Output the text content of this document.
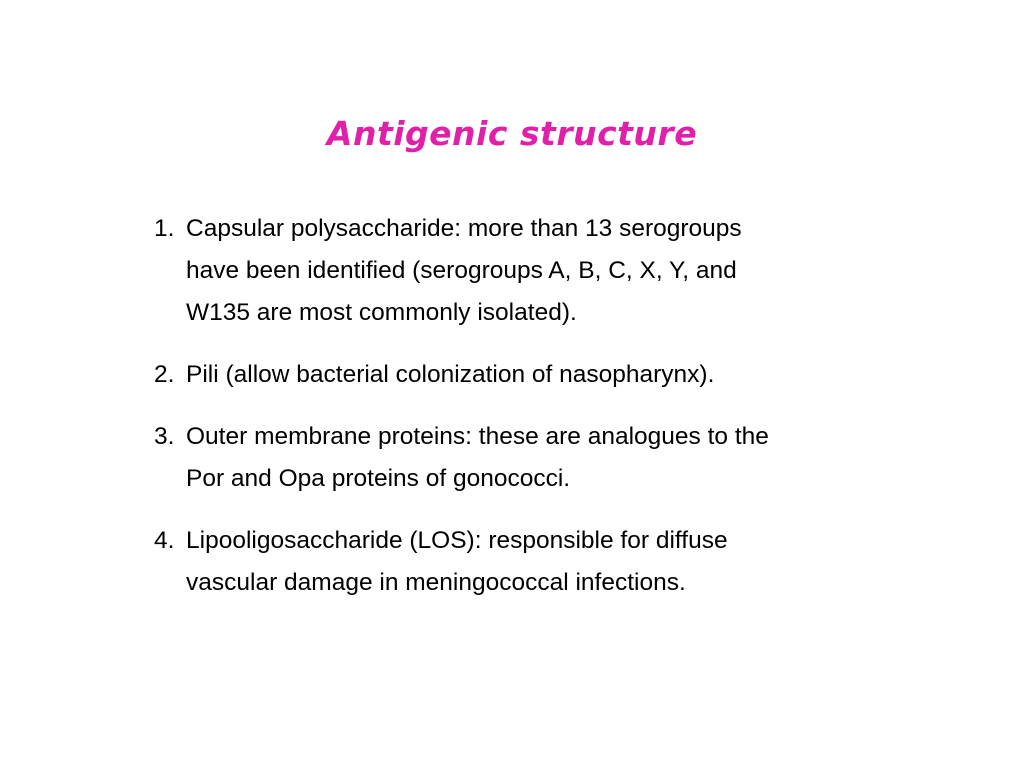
Antigenic structure
1. Capsular polysaccharide: more than 13 serogroups
have been identified (serogroups A, B, C, X, Y, and
W135 are most commonly isolated).
2. Pili (allow bacterial colonization of nasopharynx).
3. Outer membrane proteins: these are analogues to the
Por and Opa proteins of gonococci.
4. Lipooligosaccharide (LOS): responsible for diffuse
vascular damage in meningococcal infections.
